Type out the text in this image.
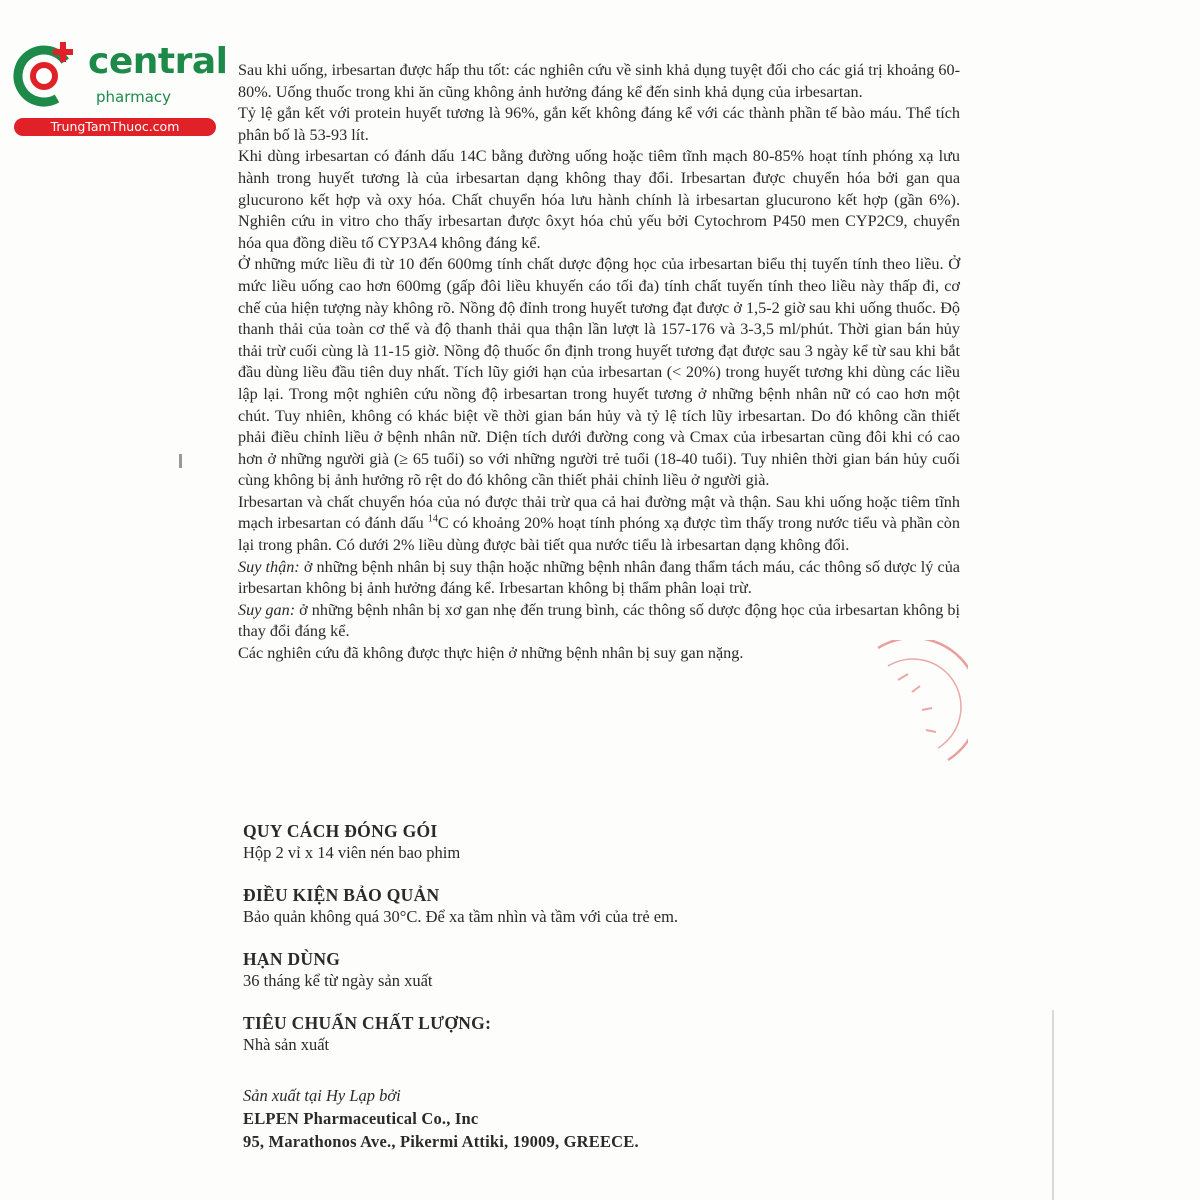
central
pharmacy
TrungTamThuoc.com

Sau khi uống, irbesartan được hấp thu tốt: các nghiên cứu về sinh khả dụng tuyệt đối cho các giá trị khoảng 60-80%. Uống thuốc trong khi ăn cũng không ảnh hưởng đáng kể đến sinh khả dụng của irbesartan.

Tỷ lệ gắn kết với protein huyết tương là 96%, gắn kết không đáng kể với các thành phần tế bào máu. Thể tích phân bố là 53-93 lít.

Khi dùng irbesartan có đánh dấu 14C bằng đường uống hoặc tiêm tĩnh mạch 80-85% hoạt tính phóng xạ lưu hành trong huyết tương là của irbesartan dạng không thay đổi. Irbesartan được chuyển hóa bởi gan qua glucurono kết hợp và oxy hóa. Chất chuyển hóa lưu hành chính là irbesartan glucurono kết hợp (gần 6%). Nghiên cứu in vitro cho thấy irbesartan được ôxyt hóa chủ yếu bởi Cytochrom P450 men CYP2C9, chuyển hóa qua đồng diều tố CYP3A4 không đáng kể.

Ở những mức liều đi từ 10 đến 600mg tính chất dược động học của irbesartan biểu thị tuyến tính theo liều. Ở mức liều uống cao hơn 600mg (gấp đôi liều khuyến cáo tối đa) tính chất tuyến tính theo liều này thấp đi, cơ chế của hiện tượng này không rõ. Nồng độ đỉnh trong huyết tương đạt được ở 1,5-2 giờ sau khi uống thuốc. Độ thanh thải của toàn cơ thể và độ thanh thải qua thận lần lượt là 157-176 và 3-3,5 ml/phút. Thời gian bán hủy thải trừ cuối cùng là 11-15 giờ. Nồng độ thuốc ổn định trong huyết tương đạt được sau 3 ngày kể từ sau khi bắt đầu dùng liều đầu tiên duy nhất. Tích lũy giới hạn của irbesartan (< 20%) trong huyết tương khi dùng các liều lập lại. Trong một nghiên cứu nồng độ irbesartan trong huyết tương ở những bệnh nhân nữ có cao hơn một chút. Tuy nhiên, không có khác biệt về thời gian bán hủy và tỷ lệ tích lũy irbesartan. Do đó không cần thiết phải điều chỉnh liều ở bệnh nhân nữ. Diện tích dưới đường cong và Cmax của irbesartan cũng đôi khi có cao hơn ở những người già (≥ 65 tuổi) so với những người trẻ tuổi (18-40 tuổi). Tuy nhiên thời gian bán hủy cuối cùng không bị ảnh hưởng rõ rệt do đó không cần thiết phải chỉnh liều ở người già.

Irbesartan và chất chuyển hóa của nó được thải trừ qua cả hai đường mật và thận. Sau khi uống hoặc tiêm tĩnh mạch irbesartan có đánh dấu $^{14}$C có khoảng 20% hoạt tính phóng xạ được tìm thấy trong nước tiểu và phần còn lại trong phân. Có dưới 2% liều dùng được bài tiết qua nước tiểu là irbesartan dạng không đổi.

Suy thận: ở những bệnh nhân bị suy thận hoặc những bệnh nhân đang thẩm tách máu, các thông số dược lý của irbesartan không bị ảnh hưởng đáng kể. Irbesartan không bị thẩm phân loại trừ.

Suy gan: ở những bệnh nhân bị xơ gan nhẹ đến trung bình, các thông số dược động học của irbesartan không bị thay đổi đáng kể.

Các nghiên cứu đã không được thực hiện ở những bệnh nhân bị suy gan nặng.

QUY CÁCH ĐÓNG GÓI
Hộp 2 vỉ x 14 viên nén bao phim
ĐIỀU KIỆN BẢO QUẢN
Bảo quản không quá 30°C. Để xa tầm nhìn và tầm với của trẻ em.
HẠN DÙNG
36 tháng kể từ ngày sản xuất
TIÊU CHUẨN CHẤT LƯỢNG:
Nhà sản xuất
Sản xuất tại Hy Lạp bởi
ELPEN Pharmaceutical Co., Inc
95, Marathonos Ave., Pikermi Attiki, 19009, GREECE.
